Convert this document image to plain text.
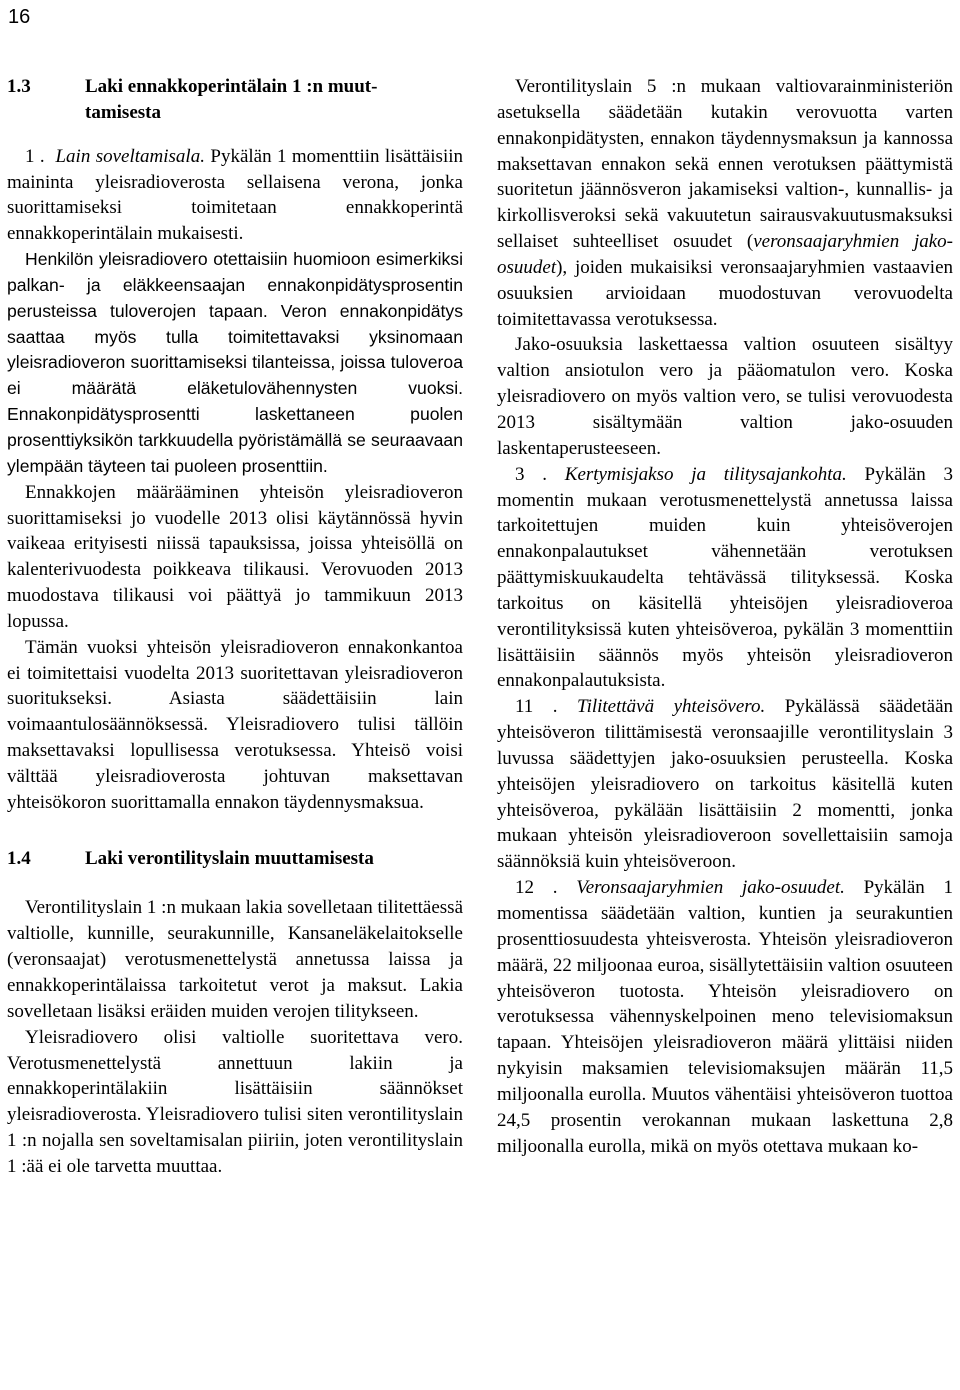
16
1.3	Laki ennakkoperintälain 1 :n muut-
tamisesta

1 . Lain soveltamisala. Pykälän 1 momenttiin lisättäisiin maininta yleisradioverosta sellaisena verona, jonka suorittamiseksi toimitetaan ennakkoperintä ennakkoperintälain mukaisesti.

Henkilön yleisradiovero otettaisiin huomioon esimerkiksi palkan- ja eläkkeensaajan ennakonpidätysprosentin perusteissa tuloverojen tapaan. Veron ennakonpidätys saattaa myös tulla toimitettavaksi yksinomaan yleisradioveron suorittamiseksi tilanteissa, joissa tuloveroa ei määrätä eläketulovähennysten vuoksi. Ennakonpidätysprosentti laskettaneen puolen prosenttiyksikön tarkkuudella pyöristämällä se seuraavaan ylempään täyteen tai puoleen prosenttiin.

Ennakkojen määrääminen yhteisön yleisradioveron suorittamiseksi jo vuodelle 2013 olisi käytännössä hyvin vaikeaa erityisesti niissä tapauksissa, joissa yhteisöllä on kalenterivuodesta poikkeava tilikausi. Verovuoden 2013 muodostava tilikausi voi päättyä jo tammikuun 2013 lopussa.

Tämän vuoksi yhteisön yleisradioveron ennakonkantoa ei toimitettaisi vuodelta 2013 suoritettavan yleisradioveron suoritukseksi. Asiasta säädettäisiin lain voimaantulosäännöksessä. Yleisradiovero tulisi tällöin maksettavaksi lopullisessa verotuksessa. Yhteisö voisi välttää yleisradioverosta johtuvan maksettavan yhteisökoron suorittamalla ennakon täydennysmaksua.

1.4	Laki verontilityslain muuttamisesta

Verontilityslain 1 :n mukaan lakia sovelletaan tilitettäessä valtiolle, kunnille, seurakunnille, Kansaneläkelaitokselle (veronsaajat) verotusmenettelystä annetussa laissa ja ennakkoperintälaissa tarkoitetut verot ja maksut. Lakia sovelletaan lisäksi eräiden muiden verojen tilitykseen.

Yleisradiovero olisi valtiolle suoritettava vero. Verotusmenettelystä annettuun lakiin ja ennakkoperintälakiin lisättäisiin säännökset yleisradioverosta. Yleisradiovero tulisi siten verontilityslain 1 :n nojalla sen soveltamisalan piiriin, joten verontilityslain 1 :ää ei ole tarvetta muuttaa.

Verontilityslain 5 :n mukaan valtiovarainministeriön asetuksella säädetään kutakin verovuotta varten ennakonpidätysten, ennakon täydennysmaksun ja kannossa maksettavan ennakon sekä ennen verotuksen päättymistä suoritetun jäännösveron jakamiseksi valtion-, kunnallis- ja kirkollisveroksi sekä vakuutetun sairausvakuutusmaksuksi sellaiset suhteelliset osuudet (veronsaajaryhmien jako-osuudet), joiden mukaisiksi veronsaajaryhmien vastaavien osuuksien arvioidaan muodostuvan verovuodelta toimitettavassa verotuksessa.

Jako-osuuksia laskettaessa valtion osuuteen sisältyy valtion ansiotulon vero ja pääomatulon vero. Koska yleisradiovero on myös valtion vero, se tulisi verovuodesta 2013 sisältymään valtion jako-osuuden laskentaperusteeseen.

3 . Kertymisjakso ja tilitysajankohta. Pykälän 3 momentin mukaan verotusmenettelystä annetussa laissa tarkoitettujen muiden kuin yhteisöverojen ennakonpalautukset vähennetään verotuksen päättymiskuukaudelta tehtävässä tilityksessä. Koska tarkoitus on käsitellä yhteisöjen yleisradioveroa verontilityksissä kuten yhteisöveroa, pykälän 3 momenttiin lisättäisiin säännös myös yhteisön yleisradioveron ennakonpalautuksista.

11 . Tilitettävä yhteisövero. Pykälässä säädetään yhteisöveron tilittämisestä veronsaajille verontilityslain 3 luvussa säädettyjen jako-osuuksien perusteella. Koska yhteisöjen yleisradiovero on tarkoitus käsitellä kuten yhteisöveroa, pykälään lisättäisiin 2 momentti, jonka mukaan yhteisön yleisradioveroon sovellettaisiin samoja säännöksiä kuin yhteisöveroon.

12 . Veronsaajaryhmien jako-osuudet. Pykälän 1 momentissa säädetään valtion, kuntien ja seurakuntien prosenttiosuudesta yhteisverosta. Yhteisön yleisradioveron määrä, 22 miljoonaa euroa, sisällytettäisiin valtion osuuteen yhteisöveron tuotosta. Yhteisön yleisradiovero on verotuksessa vähennyskelpoinen meno televisiomaksun tapaan. Yhteisöjen yleisradioveron määrä ylittäisi niiden nykyisin maksamien televisiomaksujen määrän 11,5 miljoonalla eurolla. Muutos vähentäisi yhteisöveron tuottoa 24,5 prosentin verokannan mukaan laskettuna 2,8 miljoonalla eurolla, mikä on myös otettava mukaan ko-
